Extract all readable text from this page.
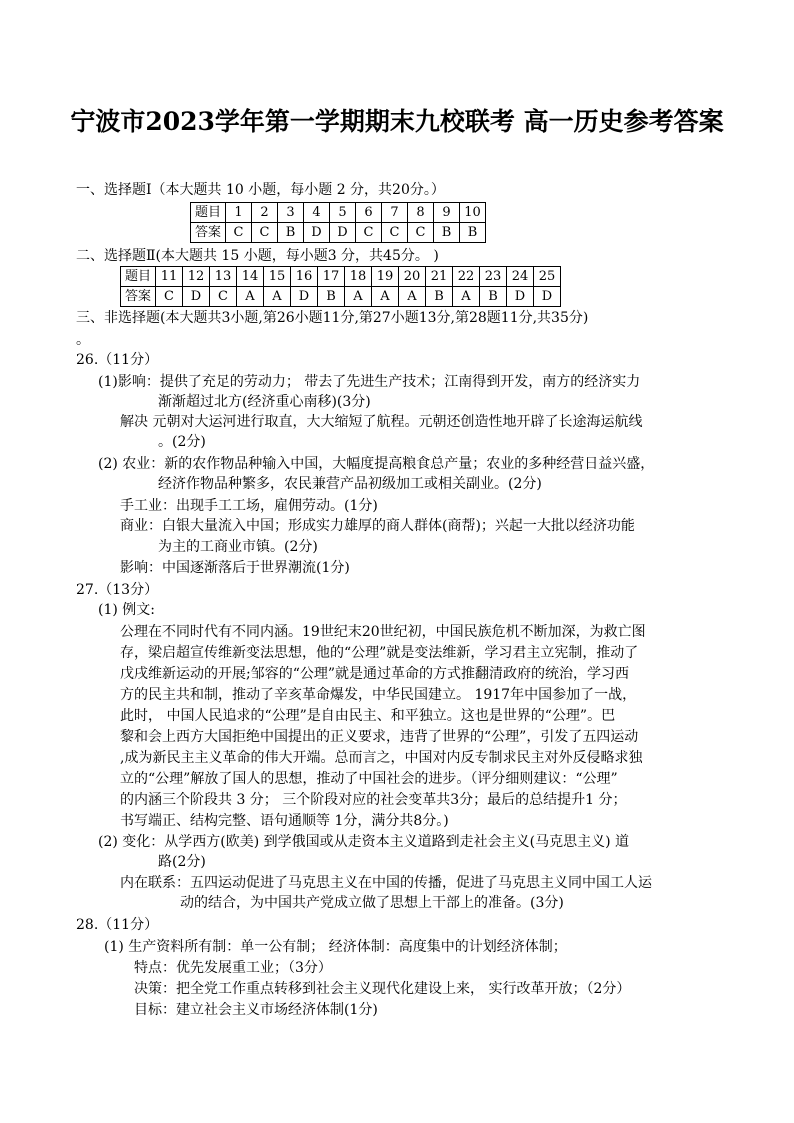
宁波市2023学年第一学期期末九校联考 高一历史参考答案
一、选择题Ⅰ（本大题共 10 小题，每小题 2 分，共20分。）
题目	1	2	3	4	5	6	7	8	9	10
答案	C	C	B	D	D	C	C	C	B	B
二、选择题Ⅱ(本大题共 15 小题，每小题3 分，共45分。 )
题目	11	12	13	14	15	16	17	18	19	20	21	22	23	24	25
答案	C	D	C	A	A	D	B	A	A	A	B	A	B	D	D
三、非选择题(本大题共3小题,第26小题11分,第27小题13分,第28题11分,共35分)
。
26.（11分）
(1)影响：提供了充足的劳动力； 带去了先进生产技术；江南得到开发，南方的经济实力
渐渐超过北方(经济重心南移)(3分)
解决 元朝对大运河进行取直，大大缩短了航程。元朝还创造性地开辟了长途海运航线
。(2分)
(2) 农业：新的农作物品种输入中国，大幅度提高粮食总产量；农业的多种经营日益兴盛，
经济作物品种繁多，农民兼营产品初级加工或相关副业。(2分)
手工业：出现手工工场，雇佣劳动。(1分)
商业：白银大量流入中国；形成实力雄厚的商人群体(商帮)；兴起一大批以经济功能
为主的工商业市镇。(2分)
影响：中国逐渐落后于世界潮流(1分)
27.（13分）
(1) 例文:
公理在不同时代有不同内涵。19世纪末20世纪初，中国民族危机不断加深，为救亡图
存，梁启超宣传维新变法思想，他的“公理”就是变法维新，学习君主立宪制，推动了
戊戌维新运动的开展;邹容的“公理”就是通过革命的方式推翻清政府的统治，学习西
方的民主共和制，推动了辛亥革命爆发，中华民国建立。 1917年中国参加了一战，
此时， 中国人民追求的“公理”是自由民主、和平独立。这也是世界的“公理”。巴
黎和会上西方大国拒绝中国提出的正义要求，违背了世界的“公理”，引发了五四运动
,成为新民主主义革命的伟大开端。总而言之，中国对内反专制求民主对外反侵略求独
立的“公理”解放了国人的思想，推动了中国社会的进步。（评分细则建议：“公理”
的内涵三个阶段共 3 分； 三个阶段对应的社会变革共3分；最后的总结提升1 分；
书写端正、结构完整、语句通顺等 1分，满分共8分。)
(2) 变化：从学西方(欧美) 到学俄国或从走资本主义道路到走社会主义(马克思主义) 道
路(2分)
内在联系：五四运动促进了马克思主义在中国的传播，促进了马克思主义同中国工人运
动的结合，为中国共产党成立做了思想上干部上的准备。(3分)
28.（11分）
(1) 生产资料所有制：单一公有制； 经济体制：高度集中的计划经济体制；
特点：优先发展重工业；（3分）
决策：把全党工作重点转移到社会主义现代化建设上来， 实行改革开放；（2分）
目标：建立社会主义市场经济体制(1分)
